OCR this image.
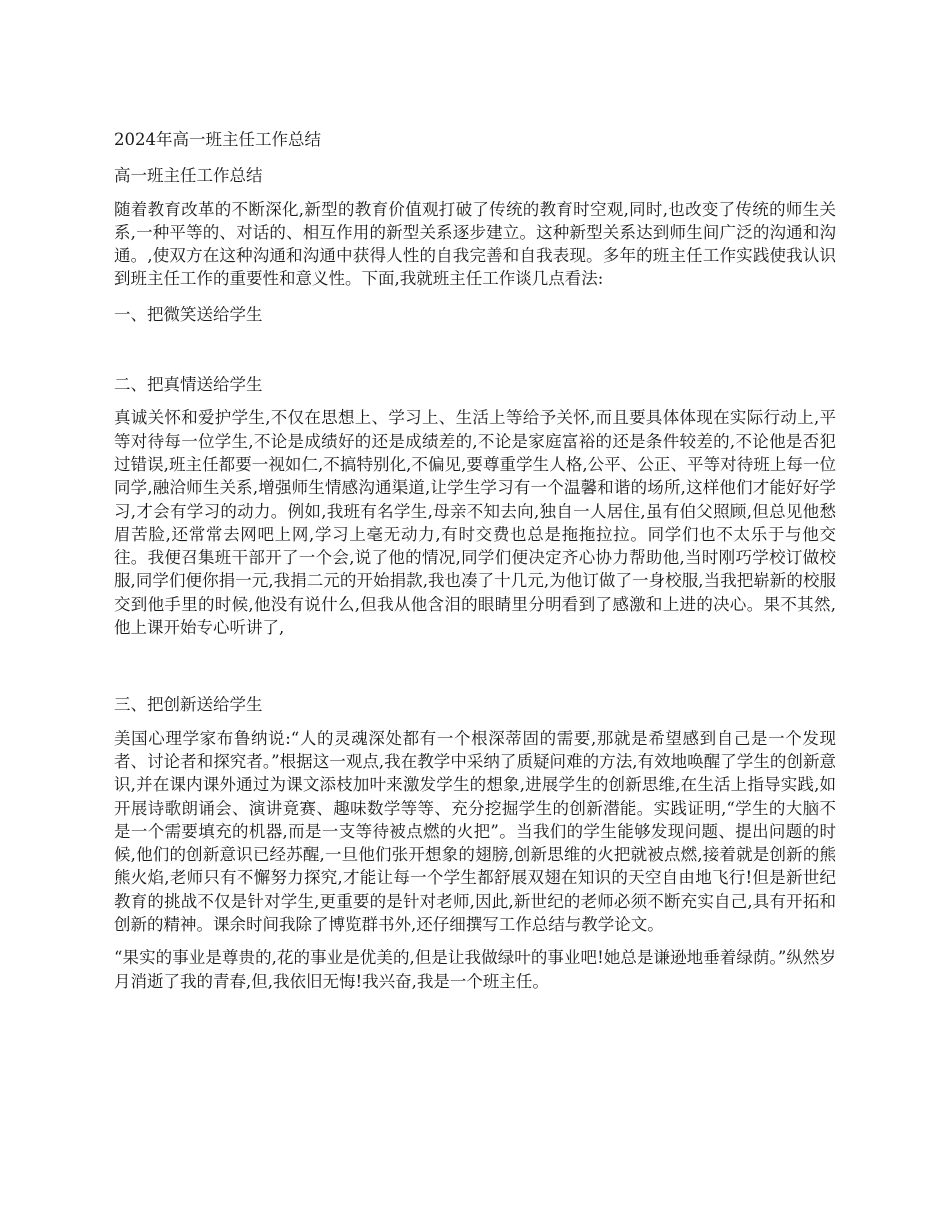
2024年高一班主任工作总结

高一班主任工作总结

随着教育改革的不断深化,新型的教育价值观打破了传统的教育时空观,同时,也改变了传统的师生关系,一种平等的、对话的、相互作用的新型关系逐步建立。这种新型关系达到师生间广泛的沟通和沟通。,使双方在这种沟通和沟通中获得人性的自我完善和自我表现。多年的班主任工作实践使我认识到班主任工作的重要性和意义性。下面,我就班主任工作谈几点看法:

一、把微笑送给学生

二、把真情送给学生

真诚关怀和爱护学生,不仅在思想上、学习上、生活上等给予关怀,而且要具体体现在实际行动上,平等对待每一位学生,不论是成绩好的还是成绩差的,不论是家庭富裕的还是条件较差的,不论他是否犯过错误,班主任都要一视如仁,不搞特别化,不偏见,要尊重学生人格,公平、公正、平等对待班上每一位同学,融洽师生关系,增强师生情感沟通渠道,让学生学习有一个温馨和谐的场所,这样他们才能好好学习,才会有学习的动力。例如,我班有名学生,母亲不知去向,独自一人居住,虽有伯父照顾,但总见他愁眉苦脸,还常常去网吧上网,学习上毫无动力,有时交费也总是拖拖拉拉。同学们也不太乐于与他交往。我便召集班干部开了一个会,说了他的情况,同学们便决定齐心协力帮助他,当时刚巧学校订做校服,同学们便你捐一元,我捐二元的开始捐款,我也凑了十几元,为他订做了一身校服,当我把崭新的校服交到他手里的时候,他没有说什么,但我从他含泪的眼睛里分明看到了感激和上进的决心。果不其然,他上课开始专心听讲了,

三、把创新送给学生

美国心理学家布鲁纳说:“人的灵魂深处都有一个根深蒂固的需要,那就是希望感到自己是一个发现者、讨论者和探究者。”根据这一观点,我在教学中采纳了质疑问难的方法,有效地唤醒了学生的创新意识,并在课内课外通过为课文添枝加叶来激发学生的想象,进展学生的创新思维,在生活上指导实践,如开展诗歌朗诵会、演讲竟赛、趣味数学等等、充分挖掘学生的创新潜能。实践证明,“学生的大脑不是一个需要填充的机器,而是一支等待被点燃的火把”。当我们的学生能够发现问题、提出问题的时候,他们的创新意识已经苏醒,一旦他们张开想象的翅膀,创新思维的火把就被点燃,接着就是创新的熊熊火焰,老师只有不懈努力探究,才能让每一个学生都舒展双翅在知识的天空自由地飞行!但是新世纪教育的挑战不仅是针对学生,更重要的是针对老师,因此,新世纪的老师必须不断充实自己,具有开拓和创新的精神。课余时间我除了博览群书外,还仔细撰写工作总结与教学论文。

“果实的事业是尊贵的,花的事业是优美的,但是让我做绿叶的事业吧!她总是谦逊地垂着绿荫。”纵然岁月消逝了我的青春,但,我依旧无悔!我兴奋,我是一个班主任。
